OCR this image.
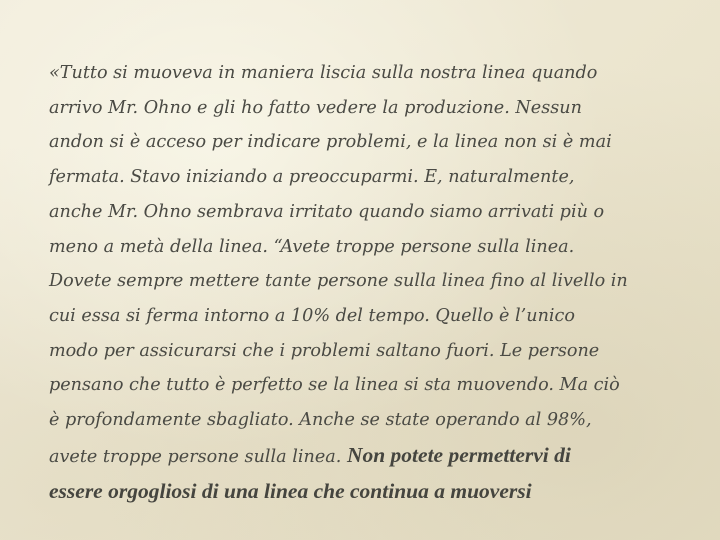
«Tutto si muoveva in maniera liscia sulla nostra linea quando
arrivo Mr. Ohno e gli ho fatto vedere la produzione. Nessun
andon si è acceso per indicare problemi, e la linea non si è mai
fermata. Stavo iniziando a preoccuparmi. E, naturalmente,
anche Mr. Ohno sembrava irritato quando siamo arrivati più o
meno a metà della linea. “Avete troppe persone sulla linea.
Dovete sempre mettere tante persone sulla linea fino al livello in
cui essa si ferma intorno a 10% del tempo. Quello è l’unico
modo per assicurarsi che i problemi saltano fuori. Le persone
pensano che tutto è perfetto se la linea si sta muovendo. Ma ciò
è profondamente sbagliato. Anche se state operando al 98%,
avete troppe persone sulla linea. Non potete permettervi di
essere orgogliosi di una linea che continua a muoversi
